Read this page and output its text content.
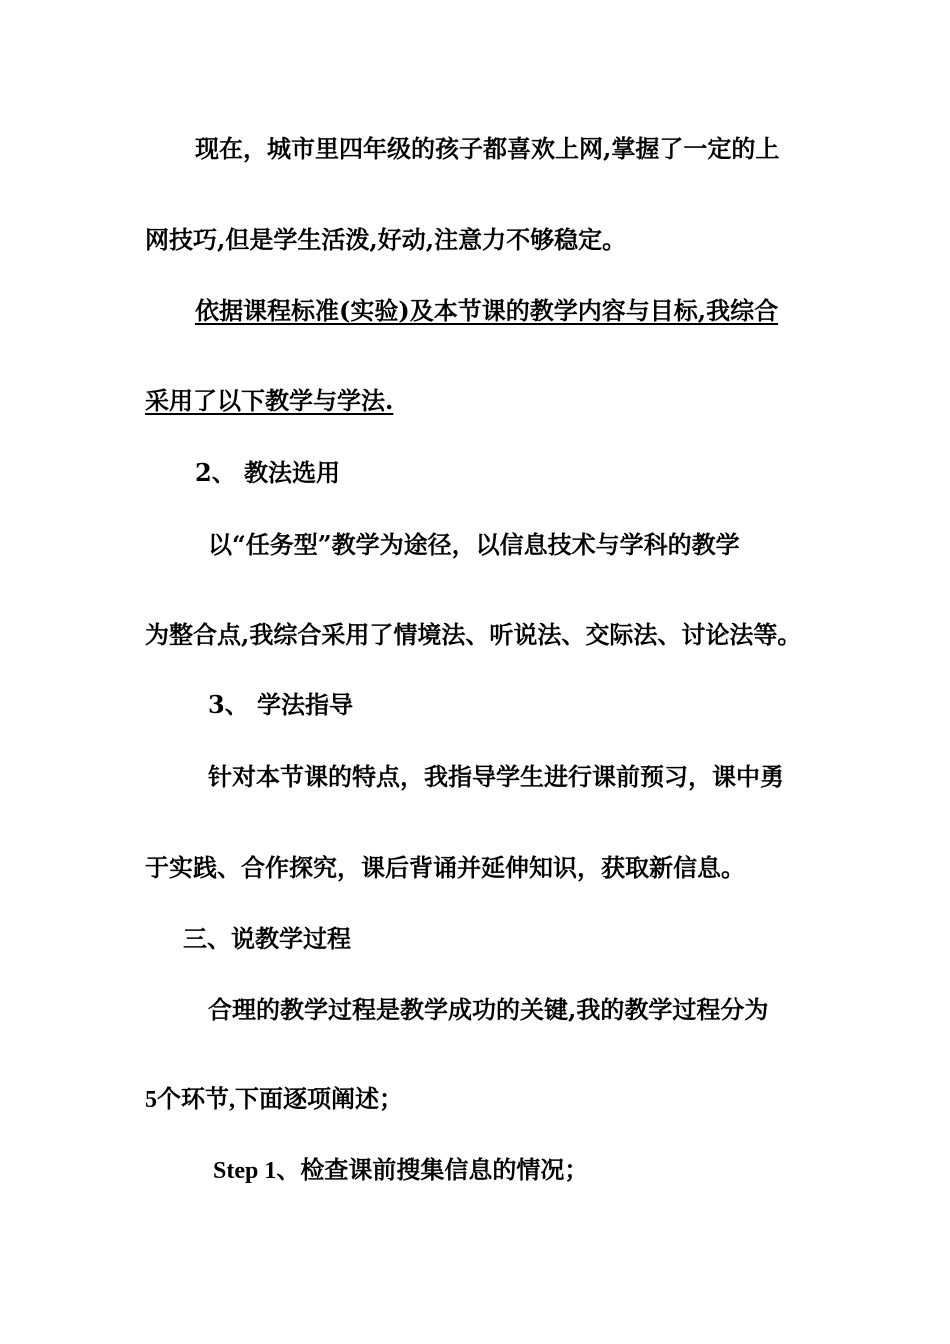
现在，城市里四年级的孩子都喜欢上网,掌握了一定的上
网技巧,但是学生活泼,好动,注意力不够稳定。
依据课程标准(实验)及本节课的教学内容与目标,我综合
采用了以下教学与学法.
2、 教法选用
以“任务型”教学为途径，以信息技术与学科的教学
为整合点,我综合采用了情境法、听说法、交际法、讨论法等。
3、 学法指导
针对本节课的特点，我指导学生进行课前预习，课中勇
于实践、合作探究，课后背诵并延伸知识，获取新信息。
三、说教学过程
合理的教学过程是教学成功的关键,我的教学过程分为
5个环节,下面逐项阐述；
Step 1、检查课前搜集信息的情况；
